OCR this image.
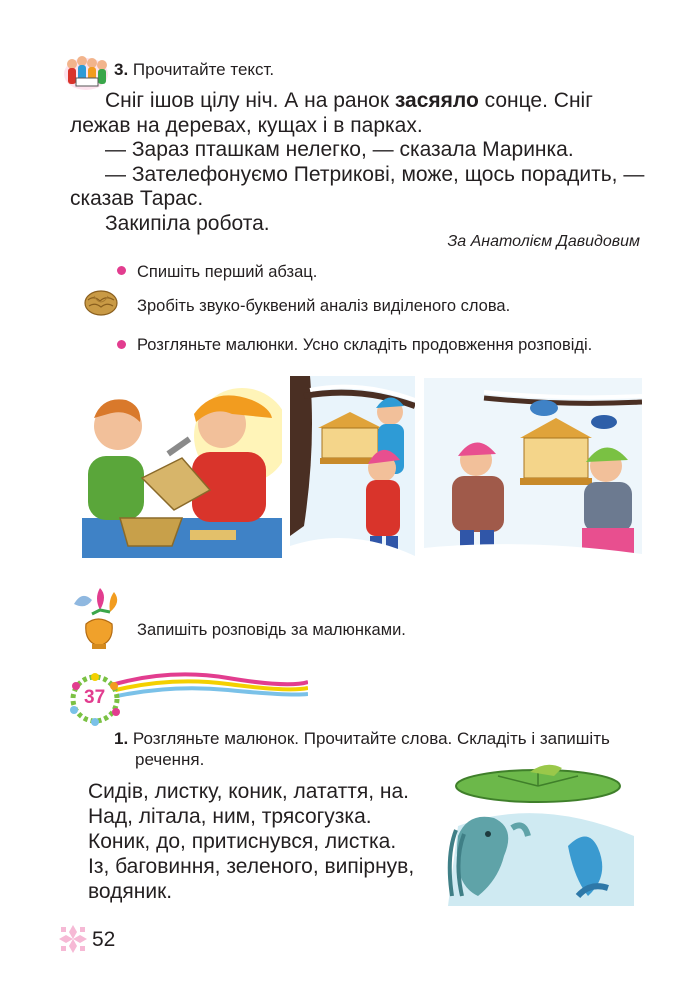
3. Прочитайте текст.

Сніг ішов цілу ніч. А на ранок засяяло сонце. Сніг

лежав на деревах, кущах і в парках.

— Зараз пташкам нелегко, — сказала Маринка.

— Зателефонуємо Петрикові, може, щось порадить, —

сказав Тарас.

Закипіла робота.

За Анатолієм Давидовим
Спишіть перший абзац.
Зробіть звуко-буквений аналіз виділеного слова.
Розгляньте малюнки. Усно складіть продовження розповіді.
Запишіть розповідь за малюнками.
37
1. Розгляньте малюнок. Прочитайте слова. Складіть і запишіть
речення.

Сидів, листку, коник, латаття, на.

Над, літала, ним, трясогузка.

Коник, до, притиснувся, листка.

Із, баговиння, зеленого, випірнув,

водяник.

52
